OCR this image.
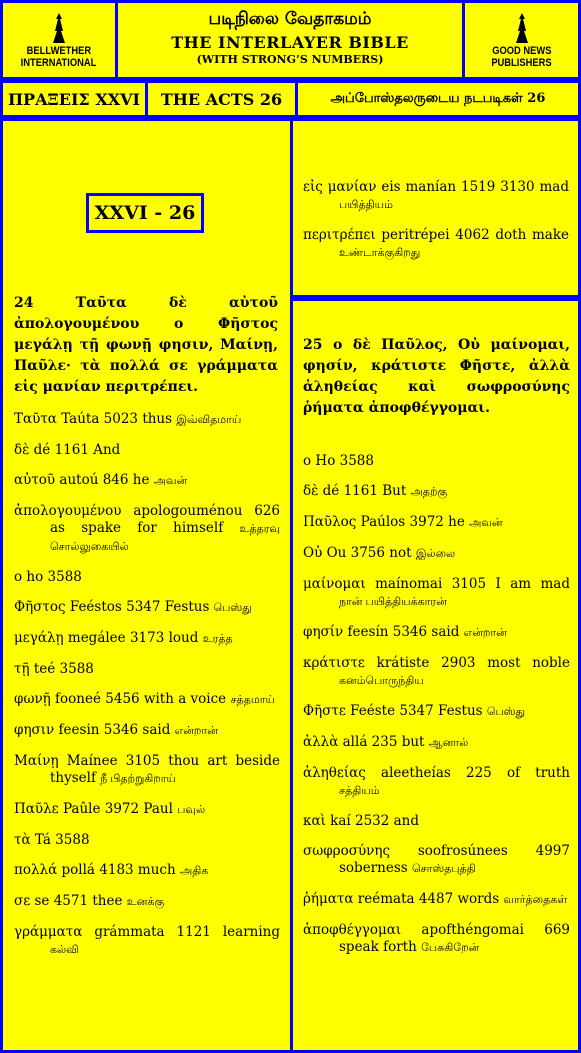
BELLWETHER
INTERNATIONAL
படிநிலை வேதாகமம்
THE INTERLAYER BIBLE
(WITH STRONG’S NUMBERS)
GOOD NEWS
PUBLISHERS
ΠΡΑΞΕΙΣ XXVI	THE ACTS 26	அப்போஸ்தலருடைய நடபடிகள் 26
24 Ταῦτα δὲ αὐτοῦ ἀπολογουμένου ο Φῆστος μεγάλῃ τῇ φωνῇ φησιν, Μαίνῃ, Παῦλε· τὰ πολλά σε γράμματα εἰς μανίαν περιτρέπει.

Ταῦτα Taúta 5023 thus இவ்விதமாய்

δὲ dé 1161 And

αὐτοῦ autoú 846 he அவன்

ἀπολογουμένου apologouménou 626 as spake for himself உத்தரவு சொல்லுகையில்

ο ho 3588

Φῆστος Feéstos 5347 Festus பெஸ்து

μεγάλῃ megálee 3173 loud உரத்த

τῇ teé 3588

φωνῇ fooneé 5456 with a voice சத்தமாய்

φησιν feesin 5346 said என்றான்

Μαίνῃ Maínee 3105 thou art beside thyself நீ பிதற்றுகிறாய்

Παῦλε Paûle 3972 Paul பவுல்

τὰ Tá 3588

πολλά pollá 4183 much அதிக

σε se 4571 thee உனக்கு

γράμματα grámmata 1121 learning கல்வி

XXVI - 26

εἰς μανίαν eis manían 1519 3130 mad பயித்தியம்

περιτρέπει peritrépei 4062 doth make உண்டாக்குகிறது

25 ο δὲ Παῦλος, Οὐ μαίνομαι, φησίν, κράτιστε Φῆστε, ἀλλὰ ἀληθείας καὶ σωφροσύνης ῥήματα ἀποφθέγγομαι.

ο Ho 3588

δὲ dé 1161 But அதற்கு

Παῦλος Paúlos 3972 he அவன்

Οὐ Ou 3756 not இல்லை

μαίνομαι maínomai 3105 I am mad நான் பயித்தியக்காரன்

φησίν feesín 5346 said என்றான்

κράτιστε krátiste 2903 most noble கனம்பொருந்திய

Φῆστε Feéste 5347 Festus பெஸ்து

ἀλλὰ allá 235 but ஆனால்

ἀληθείας aleetheías 225 of truth சத்தியம்

καὶ kaí 2532 and

σωφροσύνης soofrosúnees 4997 soberness சொஸ்தபுத்தி

ῥήματα reémata 4487 words வார்த்தைகள்

ἀποφθέγγομαι apofthéngomai 669 speak forth பேசுகிறேன்
